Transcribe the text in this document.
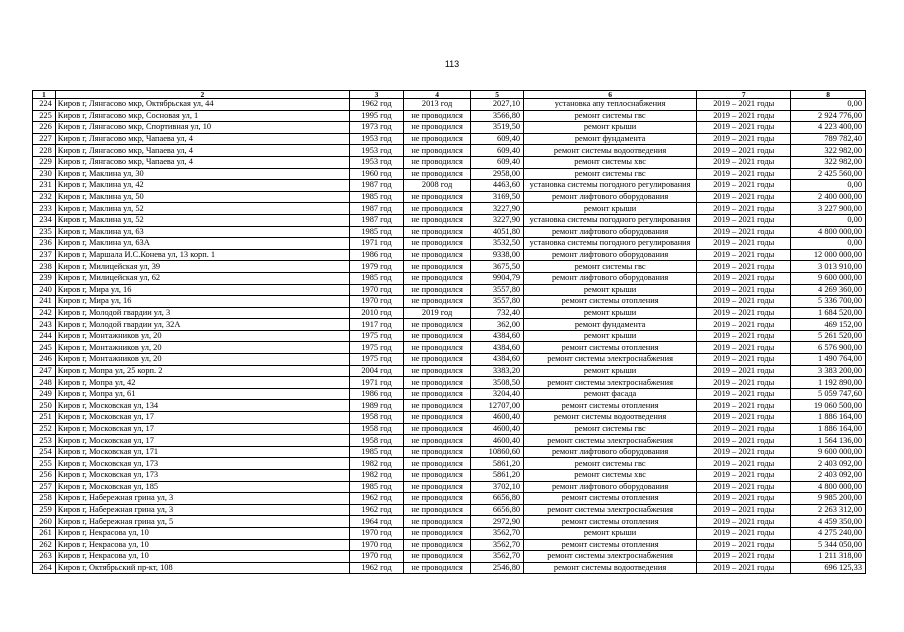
113
1	2	3	4	5	6	7	8
224	Киров г, Лянгасово мкр, Октябрьская ул, 44	1962 год	2013 год	2027,10	установка апу теплоснабжения	2019 – 2021 годы	0,00
225	Киров г, Лянгасово мкр, Сосновая ул, 1	1995 год	не проводился	3566,80	ремонт системы гвс	2019 – 2021 годы	2 924 776,00
226	Киров г, Лянгасово мкр, Спортивная ул, 10	1973 год	не проводился	3519,50	ремонт крыши	2019 – 2021 годы	4 223 400,00
227	Киров г, Лянгасово мкр, Чапаева ул, 4	1953 год	не проводился	609,40	ремонт фундамента	2019 – 2021 годы	789 782,40
228	Киров г, Лянгасово мкр, Чапаева ул, 4	1953 год	не проводился	609,40	ремонт системы водоотведения	2019 – 2021 годы	322 982,00
229	Киров г, Лянгасово мкр, Чапаева ул, 4	1953 год	не проводился	609,40	ремонт системы хвс	2019 – 2021 годы	322 982,00
230	Киров г, Маклина ул, 30	1960 год	не проводился	2958,00	ремонт системы гвс	2019 – 2021 годы	2 425 560,00
231	Киров г, Маклина ул, 42	1987 год	2008 год	4463,60	установка системы погодного регулирования	2019 – 2021 годы	0,00
232	Киров г, Маклина ул, 50	1985 год	не проводился	3169,50	ремонт лифтового оборудования	2019 – 2021 годы	2 400 000,00
233	Киров г, Маклина ул, 52	1987 год	не проводился	3227,90	ремонт крыши	2019 – 2021 годы	3 227 900,00
234	Киров г, Маклина ул, 52	1987 год	не проводился	3227,90	установка системы погодного регулирования	2019 – 2021 годы	0,00
235	Киров г, Маклина ул, 63	1985 год	не проводился	4051,80	ремонт лифтового оборудования	2019 – 2021 годы	4 800 000,00
236	Киров г, Маклина ул, 63А	1971 год	не проводился	3532,50	установка системы погодного регулирования	2019 – 2021 годы	0,00
237	Киров г, Маршала И.С.Конева ул, 13 корп. 1	1986 год	не проводился	9338,00	ремонт лифтового оборудования	2019 – 2021 годы	12 000 000,00
238	Киров г, Милицейская ул, 39	1979 год	не проводился	3675,50	ремонт системы гвс	2019 – 2021 годы	3 013 910,00
239	Киров г, Милицейская ул, 62	1985 год	не проводился	9904,79	ремонт лифтового оборудования	2019 – 2021 годы	9 600 000,00
240	Киров г, Мира ул, 16	1970 год	не проводился	3557,80	ремонт крыши	2019 – 2021 годы	4 269 360,00
241	Киров г, Мира ул, 16	1970 год	не проводился	3557,80	ремонт системы отопления	2019 – 2021 годы	5 336 700,00
242	Киров г, Молодой гвардии ул, 3	2010 год	2019 год	732,40	ремонт крыши	2019 – 2021 годы	1 684 520,00
243	Киров г, Молодой гвардии ул, 32А	1917 год	не проводился	362,00	ремонт фундамента	2019 – 2021 годы	469 152,00
244	Киров г, Монтажников ул, 20	1975 год	не проводился	4384,60	ремонт крыши	2019 – 2021 годы	5 261 520,00
245	Киров г, Монтажников ул, 20	1975 год	не проводился	4384,60	ремонт системы отопления	2019 – 2021 годы	6 576 900,00
246	Киров г, Монтажников ул, 20	1975 год	не проводился	4384,60	ремонт системы электроснабжения	2019 – 2021 годы	1 490 764,00
247	Киров г, Мопра ул, 25 корп. 2	2004 год	не проводился	3383,20	ремонт крыши	2019 – 2021 годы	3 383 200,00
248	Киров г, Мопра ул, 42	1971 год	не проводился	3508,50	ремонт системы электроснабжения	2019 – 2021 годы	1 192 890,00
249	Киров г, Мопра ул, 61	1986 год	не проводился	3204,40	ремонт фасада	2019 – 2021 годы	5 059 747,60
250	Киров г, Московская ул, 134	1989 год	не проводился	12707,00	ремонт системы отопления	2019 – 2021 годы	19 060 500,00
251	Киров г, Московская ул, 17	1958 год	не проводился	4600,40	ремонт системы водоотведения	2019 – 2021 годы	1 886 164,00
252	Киров г, Московская ул, 17	1958 год	не проводился	4600,40	ремонт системы гвс	2019 – 2021 годы	1 886 164,00
253	Киров г, Московская ул, 17	1958 год	не проводился	4600,40	ремонт системы электроснабжения	2019 – 2021 годы	1 564 136,00
254	Киров г, Московская ул, 171	1985 год	не проводился	10860,60	ремонт лифтового оборудования	2019 – 2021 годы	9 600 000,00
255	Киров г, Московская ул, 173	1982 год	не проводился	5861,20	ремонт системы гвс	2019 – 2021 годы	2 403 092,00
256	Киров г, Московская ул, 173	1982 год	не проводился	5861,20	ремонт системы хвс	2019 – 2021 годы	2 403 092,00
257	Киров г, Московская ул, 185	1985 год	не проводился	3702,10	ремонт лифтового оборудования	2019 – 2021 годы	4 800 000,00
258	Киров г, Набережная грина ул, 3	1962 год	не проводился	6656,80	ремонт системы отопления	2019 – 2021 годы	9 985 200,00
259	Киров г, Набережная грина ул, 3	1962 год	не проводился	6656,80	ремонт системы электроснабжения	2019 – 2021 годы	2 263 312,00
260	Киров г, Набережная грина ул, 5	1964 год	не проводился	2972,90	ремонт системы отопления	2019 – 2021 годы	4 459 350,00
261	Киров г, Некрасова ул, 10	1970 год	не проводился	3562,70	ремонт крыши	2019 – 2021 годы	4 275 240,00
262	Киров г, Некрасова ул, 10	1970 год	не проводился	3562,70	ремонт системы отопления	2019 – 2021 годы	5 344 050,00
263	Киров г, Некрасова ул, 10	1970 год	не проводился	3562,70	ремонт системы электроснабжения	2019 – 2021 годы	1 211 318,00
264	Киров г, Октябрьский пр-кт, 108	1962 год	не проводился	2546,80	ремонт системы водоотведения	2019 – 2021 годы	696 125,33
